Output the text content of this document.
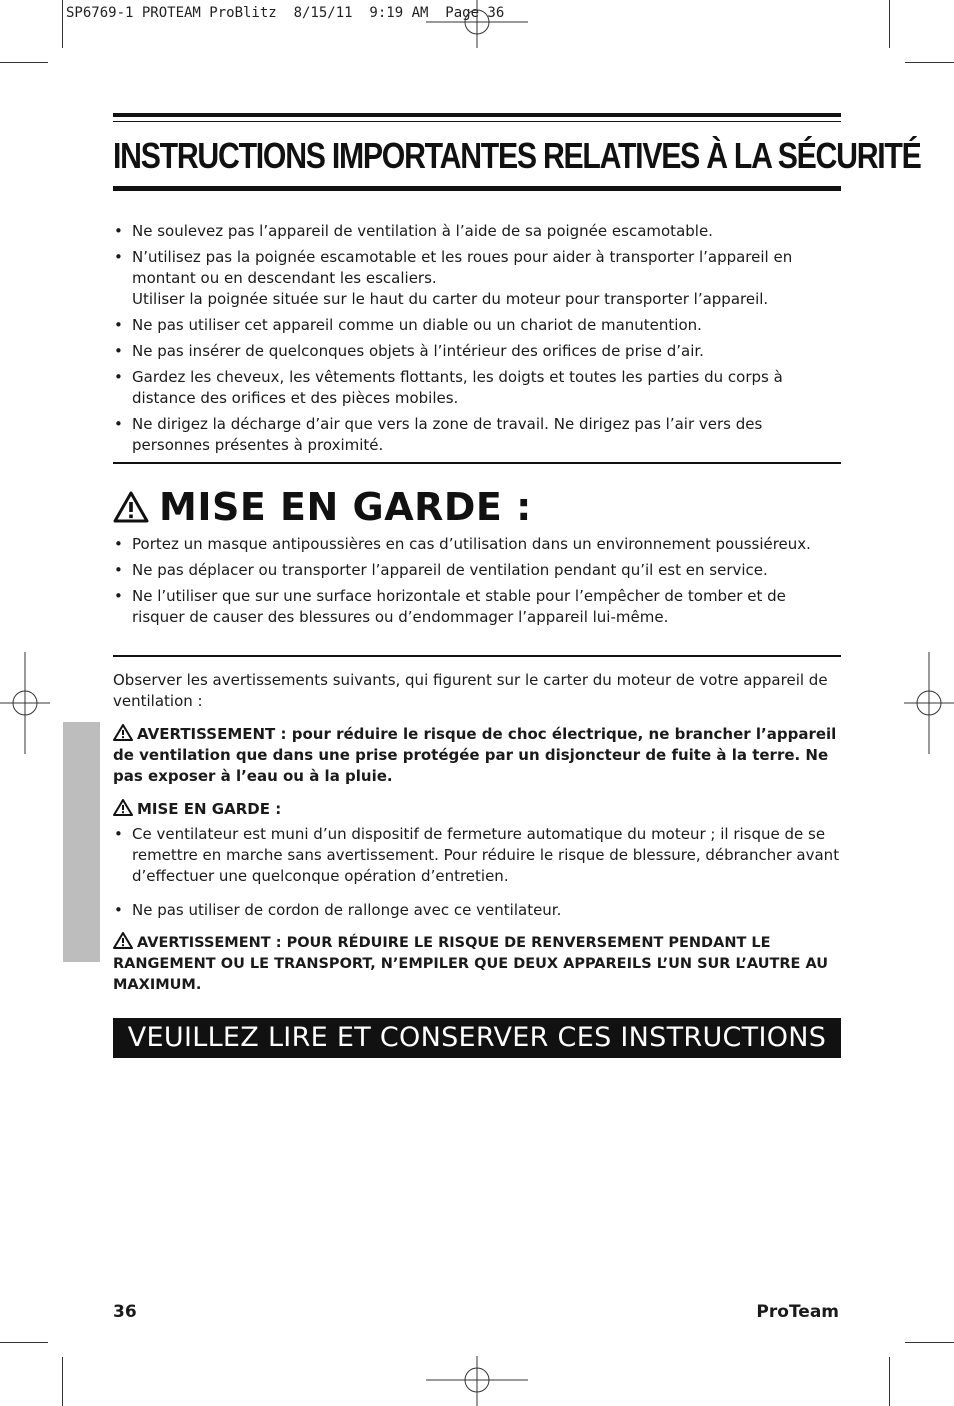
SP6769-1 PROTEAM ProBlitz  8/15/11  9:19 AM  Page 36
INSTRUCTIONS IMPORTANTES RELATIVES À LA SÉCURITÉ
• Ne soulevez pas l’appareil de ventilation à l’aide de sa poignée escamotable.
• N’utilisez pas la poignée escamotable et les roues pour aider à transporter l’appareil en montant ou en descendant les escaliers.
Utiliser la poignée située sur le haut du carter du moteur pour transporter l’appareil.
• Ne pas utiliser cet appareil comme un diable ou un chariot de manutention.
• Ne pas insérer de quelconques objets à l’intérieur des orifices de prise d’air.
• Gardez les cheveux, les vêtements flottants, les doigts et toutes les parties du corps à distance des orifices et des pièces mobiles.
• Ne dirigez la décharge d’air que vers la zone de travail. Ne dirigez pas l’air vers des personnes présentes à proximité.
MISE EN GARDE :
• Portez un masque antipoussières en cas d’utilisation dans un environnement poussiéreux.
• Ne pas déplacer ou transporter l’appareil de ventilation pendant qu’il est en service.
• Ne l’utiliser que sur une surface horizontale et stable pour l’empêcher de tomber et de risquer de causer des blessures ou d’endommager l’appareil lui-même.
Observer les avertissements suivants, qui figurent sur le carter du moteur de votre appareil de ventilation :
AVERTISSEMENT : pour réduire le risque de choc électrique, ne brancher l’appareil de ventilation que dans une prise protégée par un disjoncteur de fuite à la terre. Ne pas exposer à l’eau ou à la pluie.
MISE EN GARDE :
• Ce ventilateur est muni d’un dispositif de fermeture automatique du moteur ; il risque de se remettre en marche sans avertissement. Pour réduire le risque de blessure, débrancher avant d’effectuer une quelconque opération d’entretien.
• Ne pas utiliser de cordon de rallonge avec ce ventilateur.
AVERTISSEMENT : POUR RÉDUIRE LE RISQUE DE RENVERSEMENT PENDANT LE RANGEMENT OU LE TRANSPORT, N’EMPILER QUE DEUX APPAREILS L’UN SUR L’AUTRE AU MAXIMUM.
VEUILLEZ LIRE ET CONSERVER CES INSTRUCTIONS
36	ProTeam
